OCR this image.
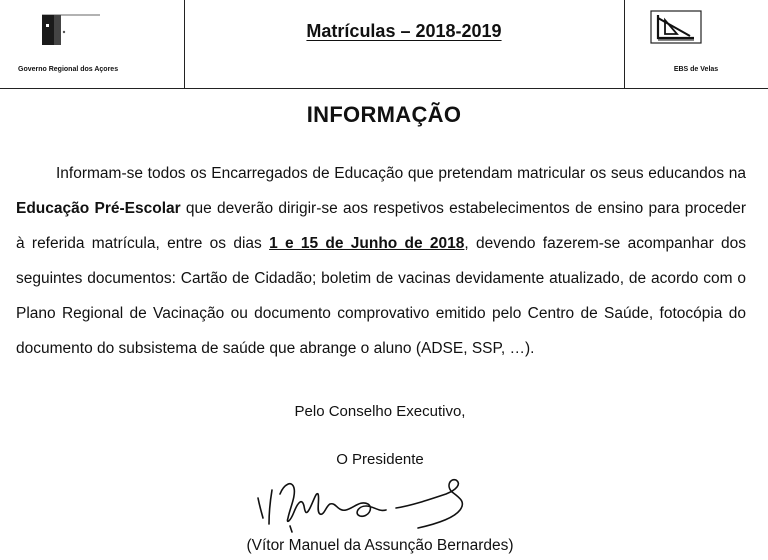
Governo Regional dos Açores
Matrículas – 2018-2019
EBS de Velas
INFORMAÇÃO

Informam-se todos os Encarregados de Educação que pretendam matricular os seus educandos na Educação Pré-Escolar que deverão dirigir-se aos respetivos estabelecimentos de ensino para proceder à referida matrícula, entre os dias 1 e 15 de Junho de 2018, devendo fazerem-se acompanhar dos seguintes documentos: Cartão de Cidadão; boletim de vacinas devidamente atualizado, de acordo com o Plano Regional de Vacinação ou documento comprovativo emitido pelo Centro de Saúde, fotocópia do documento do subsistema de saúde que abrange o aluno (ADSE, SSP, …).

Pelo Conselho Executivo,
O Presidente
(Vítor Manuel da Assunção Bernardes)
